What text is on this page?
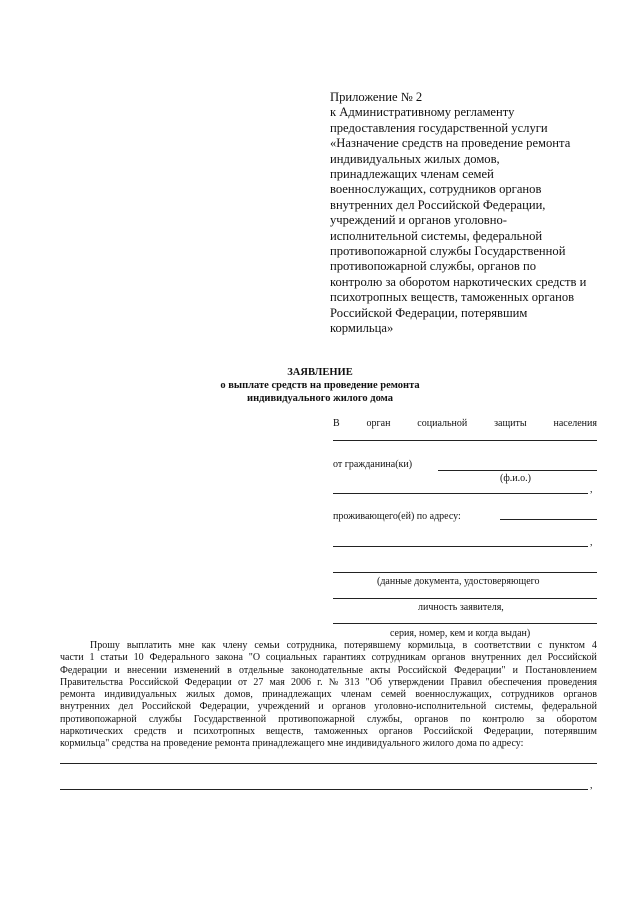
Приложение № 2
к Административному регламенту
предоставления государственной услуги
«Назначение средств на проведение ремонта
индивидуальных жилых домов,
принадлежащих членам семей
военнослужащих, сотрудников органов
внутренних дел Российской Федерации,
учреждений и органов уголовно-
исполнительной системы, федеральной
противопожарной службы Государственной
противопожарной службы, органов по
контролю за оборотом наркотических средств и
психотропных веществ, таможенных органов
Российской Федерации, потерявшим
кормильца»
ЗАЯВЛЕНИЕ
о выплате средств на проведение ремонта
индивидуального жилого дома
В	орган	социальной	защиты	населения
от гражданина(ки)
(ф.и.о.)
,
проживающего(ей) по адресу:
,
(данные документа, удостоверяющего
личность заявителя,
серия, номер, кем и когда выдан)
Прошу выплатить мне как члену семьи сотрудника, потерявшему кормильца, в соответствии с пунктом 4
части 1 статьи 10 Федерального закона "О социальных гарантиях сотрудникам органов внутренних дел Российской
Федерации и внесении изменений в отдельные законодательные акты Российской Федерации" и Постановлением
Правительства Российской Федерации от 27 мая 2006 г. № 313 "Об утверждении Правил обеспечения проведения
ремонта индивидуальных жилых домов, принадлежащих членам семей военнослужащих, сотрудников органов
внутренних дел Российской Федерации, учреждений и органов уголовно-исполнительной системы, федеральной
противопожарной службы Государственной противопожарной службы, органов по контролю за оборотом
наркотических средств и психотропных веществ, таможенных органов Российской Федерации, потерявшим
кормильца" средства на проведение ремонта принадлежащего мне индивидуального жилого дома по адресу:
,
